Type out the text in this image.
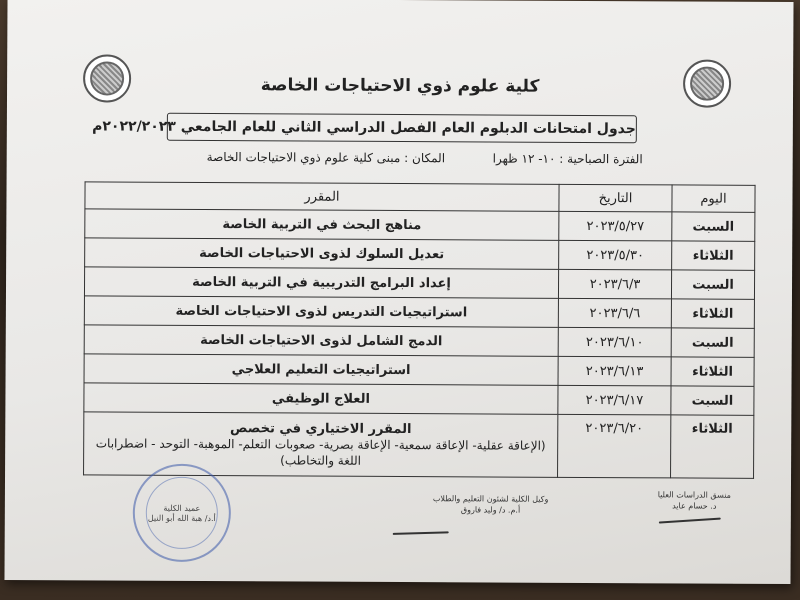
كلية علوم ذوي الاحتياجات الخاصة
جدول امتحانات الدبلوم العام الفصل الدراسي الثاني للعام الجامعي ٢٠٢٢/٢٠٢٣م
الفترة الصباحية : ١٠- ١٢ ظهرا
المكان : مبنى كلية علوم ذوي الاحتياجات الخاصة
اليوم	التاريخ	المقرر
السبت	٢٠٢٣/٥/٢٧	مناهج البحث في التربية الخاصة
الثلاثاء	٢٠٢٣/٥/٣٠	تعديل السلوك لذوى الاحتياجات الخاصة
السبت	٢٠٢٣/٦/٣	إعداد البرامج التدريبية في التربية الخاصة
الثلاثاء	٢٠٢٣/٦/٦	استراتيجيات التدريس لذوى الاحتياجات الخاصة
السبت	٢٠٢٣/٦/١٠	الدمج الشامل لذوى الاحتياجات الخاصة
الثلاثاء	٢٠٢٣/٦/١٣	استراتيجيات التعليم العلاجي
السبت	٢٠٢٣/٦/١٧	العلاج الوظيفي
الثلاثاء	٢٠٢٣/٦/٢٠	المقرر الاختياري في تخصص
(الإعاقة عقلية- الإعاقة سمعية- الإعاقة بصرية- صعوبات التعلم- الموهبة- التوحد - اضطرابات اللغة والتخاطب)
منسق الدراسات العليا
د. حسام عايد
وكيل الكلية لشئون التعليم والطلاب
أ.م. د/ وليد فاروق
عميد الكلية
أ.د/ هبة الله أبو النيل
